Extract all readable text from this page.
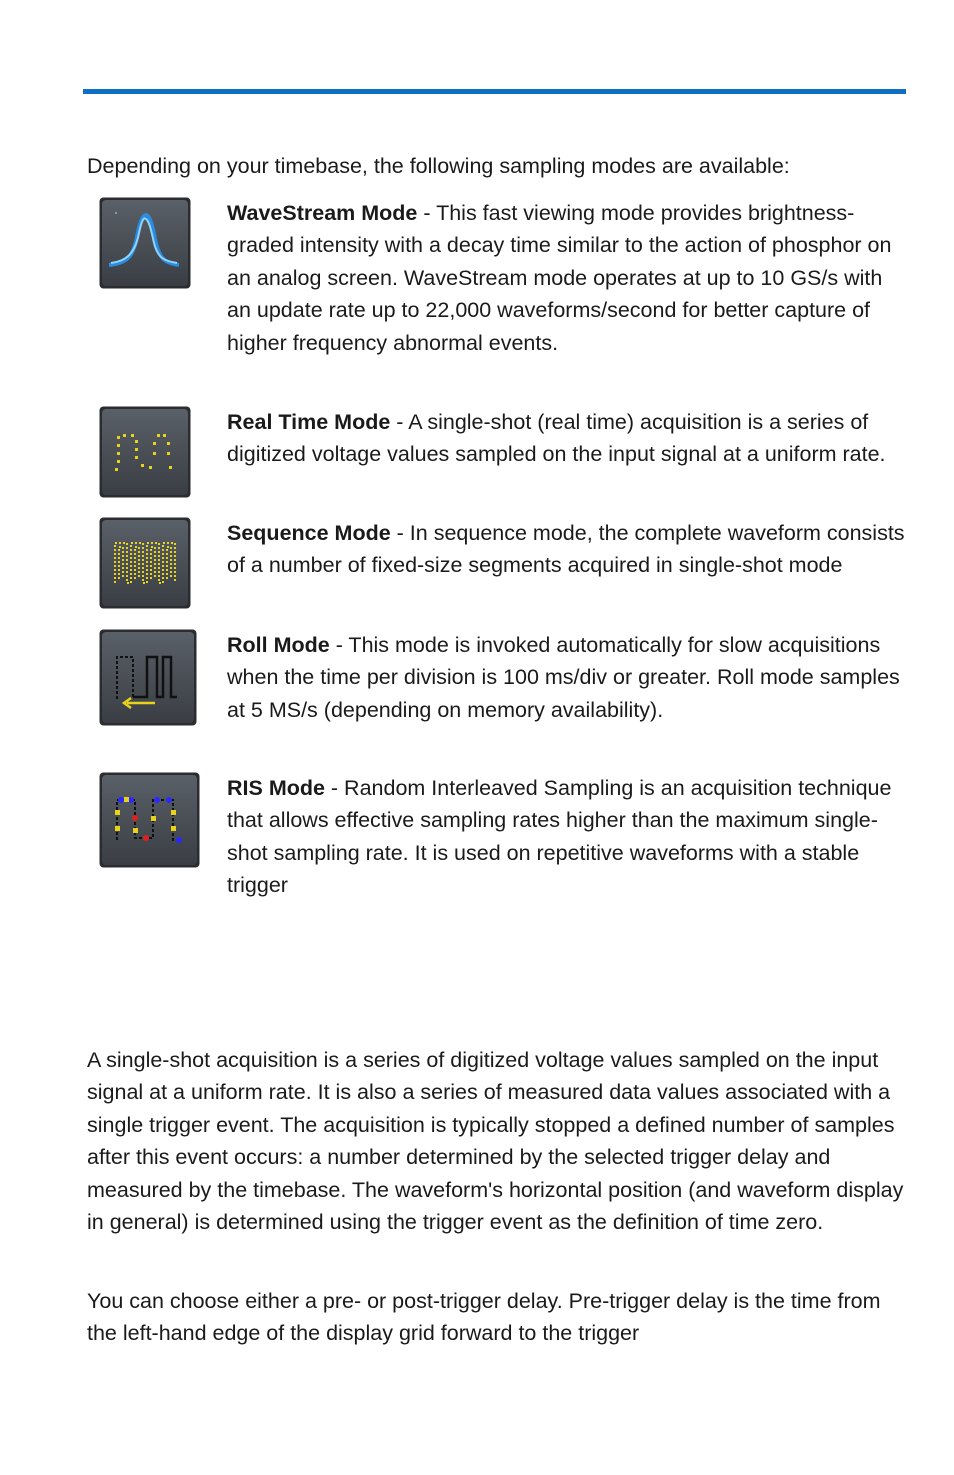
Depending on your timebase, the following sampling modes are available:
WaveStream Mode - This fast viewing mode provides brightness-graded intensity with a decay time similar to the action of phosphor on an analog screen. WaveStream mode operates at up to 10 GS/s with an update rate up to 22,000 waveforms/second for better capture of higher frequency abnormal events.
Real Time Mode - A single-shot (real time) acquisition is a series of digitized voltage values sampled on the input signal at a uniform rate.
Sequence Mode - In sequence mode, the complete waveform consists of a number of fixed-size segments acquired in single-shot mode
Roll Mode - This mode is invoked automatically for slow acquisitions when the time per division is 100 ms/div or greater. Roll mode samples at 5 MS/s (depending on memory availability).
RIS Mode - Random Interleaved Sampling is an acquisition technique that allows effective sampling rates higher than the maximum single-shot sampling rate. It is used on repetitive waveforms with a stable trigger
A single-shot acquisition is a series of digitized voltage values sampled on the input signal at a uniform rate. It is also a series of measured data values associated with a single trigger event. The acquisition is typically stopped a defined number of samples after this event occurs: a number determined by the selected trigger delay and measured by the timebase. The waveform's horizontal position (and waveform display in general) is determined using the trigger event as the definition of time zero.
You can choose either a pre- or post-trigger delay. Pre-trigger delay is the time from the left-hand edge of the display grid forward to the trigger
